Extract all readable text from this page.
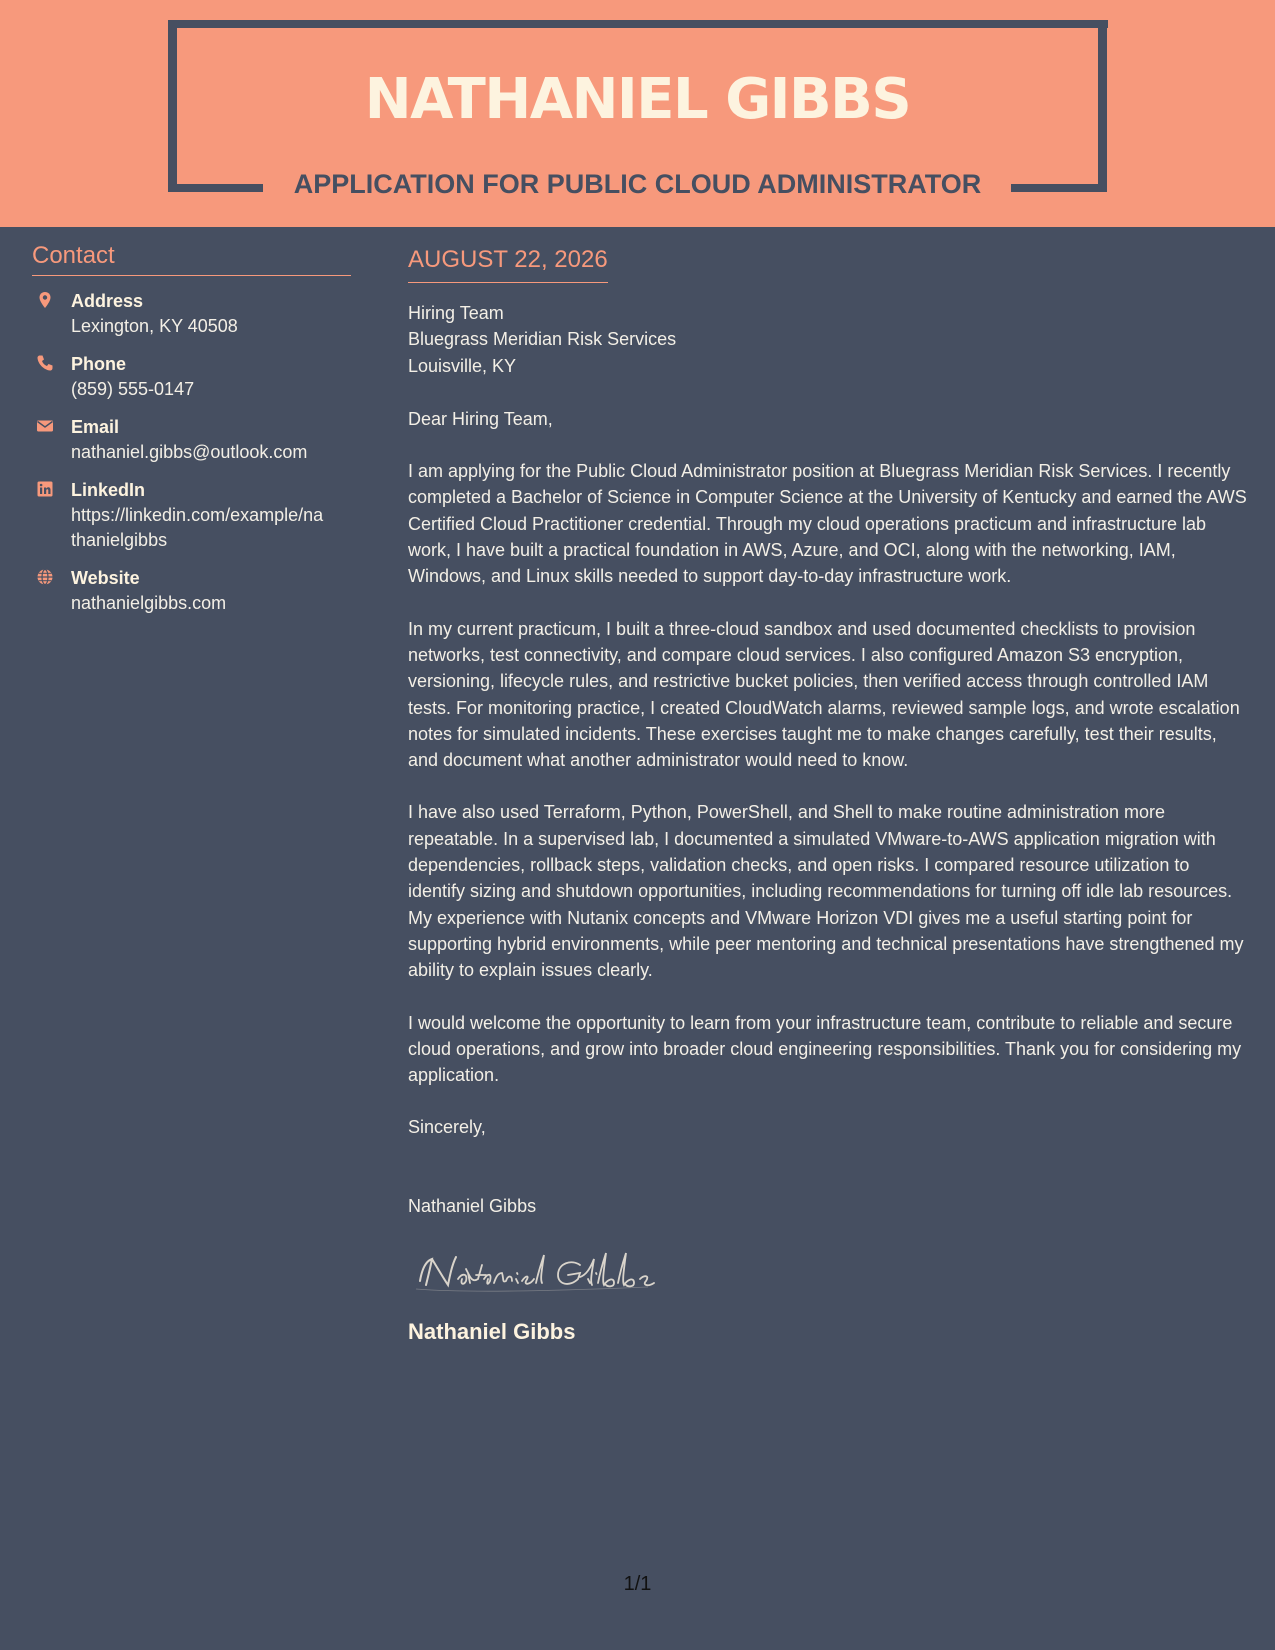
NATHANIEL GIBBS
APPLICATION FOR PUBLIC CLOUD ADMINISTRATOR
Contact
Address
Lexington, KY 40508
Phone
(859) 555-0147
Email
nathaniel.gibbs@outlook.com
LinkedIn
https://linkedin.com/example/na
thanielgibbs
Website
nathanielgibbs.com
AUGUST 22, 2026
Hiring Team
Bluegrass Meridian Risk Services
Louisville, KY
Dear Hiring Team,
I am applying for the Public Cloud Administrator position at Bluegrass Meridian Risk Services. I recently completed a Bachelor of Science in Computer Science at the University of Kentucky and earned the AWS Certified Cloud Practitioner credential. Through my cloud operations practicum and infrastructure lab work, I have built a practical foundation in AWS, Azure, and OCI, along with the networking, IAM, Windows, and Linux skills needed to support day-to-day infrastructure work.
In my current practicum, I built a three-cloud sandbox and used documented checklists to provision networks, test connectivity, and compare cloud services. I also configured Amazon S3 encryption, versioning, lifecycle rules, and restrictive bucket policies, then verified access through controlled IAM tests. For monitoring practice, I created CloudWatch alarms, reviewed sample logs, and wrote escalation notes for simulated incidents. These exercises taught me to make changes carefully, test their results, and document what another administrator would need to know.
I have also used Terraform, Python, PowerShell, and Shell to make routine administration more repeatable. In a supervised lab, I documented a simulated VMware-to-AWS application migration with dependencies, rollback steps, validation checks, and open risks. I compared resource utilization to identify sizing and shutdown opportunities, including recommendations for turning off idle lab resources. My experience with Nutanix concepts and VMware Horizon VDI gives me a useful starting point for supporting hybrid environments, while peer mentoring and technical presentations have strengthened my ability to explain issues clearly.
I would welcome the opportunity to learn from your infrastructure team, contribute to reliable and secure cloud operations, and grow into broader cloud engineering responsibilities. Thank you for considering my application.
Sincerely,
Nathaniel Gibbs
Nathaniel Gibbs
1/1
